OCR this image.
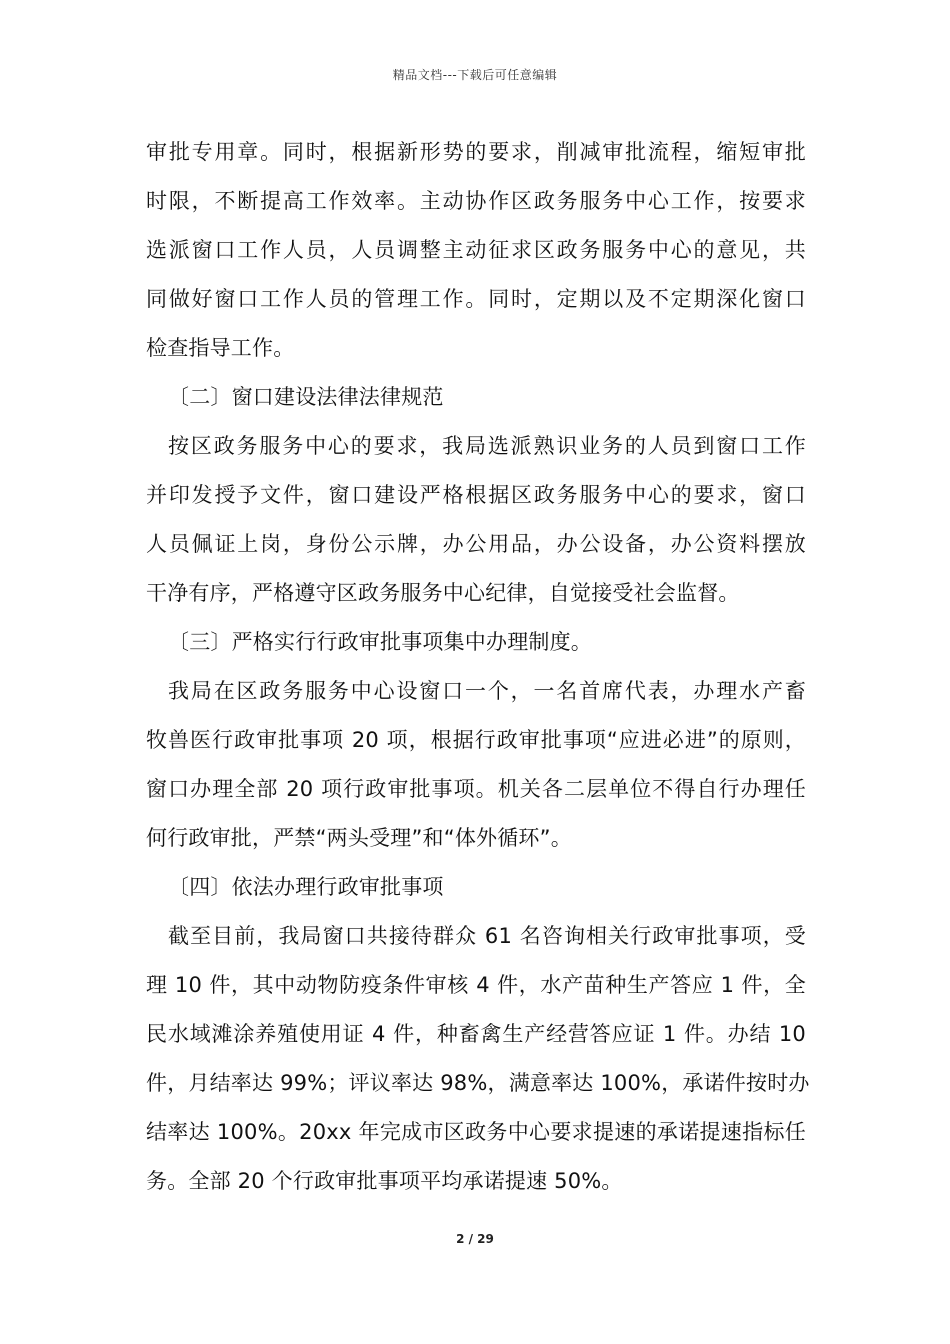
精品文档---下载后可任意编辑
审批专用章。同时，根据新形势的要求，削减审批流程，缩短审批
时限，不断提高工作效率。主动协作区政务服务中心工作，按要求
选派窗口工作人员，人员调整主动征求区政务服务中心的意见，共
同做好窗口工作人员的管理工作。同时，定期以及不定期深化窗口
检查指导工作。
〔二〕窗口建设法律法律规范
按区政务服务中心的要求，我局选派熟识业务的人员到窗口工作
并印发授予文件，窗口建设严格根据区政务服务中心的要求，窗口
人员佩证上岗，身份公示牌，办公用品，办公设备，办公资料摆放
干净有序，严格遵守区政务服务中心纪律，自觉接受社会监督。
〔三〕严格实行行政审批事项集中办理制度。
我局在区政务服务中心设窗口一个，一名首席代表，办理水产畜
牧兽医行政审批事项 20 项，根据行政审批事项“应进必进”的原则，
窗口办理全部 20 项行政审批事项。机关各二层单位不得自行办理任
何行政审批，严禁“两头受理”和“体外循环”。
〔四〕依法办理行政审批事项
截至目前，我局窗口共接待群众 61 名咨询相关行政审批事项，受
理 10 件，其中动物防疫条件审核 4 件，水产苗种生产答应 1 件，全
民水域滩涂养殖使用证 4 件，种畜禽生产经营答应证 1 件。办结 10
件，月结率达 99%；评议率达 98%，满意率达 100%，承诺件按时办
结率达 100%。20xx 年完成市区政务中心要求提速的承诺提速指标任
务。全部 20 个行政审批事项平均承诺提速 50%。
2 / 29
